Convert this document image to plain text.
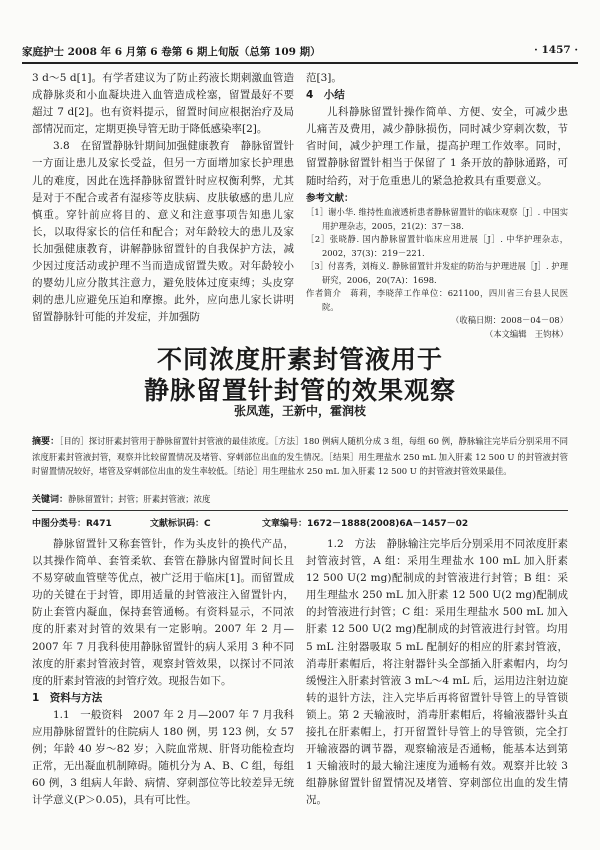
家庭护士 2008 年 6 月第 6 卷第 6 期上旬版（总第 109 期）	· 1457 ·

3 d～5 d[1]。有学者建议为了防止药液长期刺激血管造成静脉炎和小血凝块进入血管造成栓塞，留置最好不要超过 7 d[2]。也有资料提示，留置时间应根据治疗及局部情况而定，定期更换导管无助于降低感染率[2]。

3.8　在留置静脉针期间加强健康教育　静脉留置针一方面让患儿及家长受益，但另一方面增加家长护理患儿的难度，因此在选择静脉留置针时应权衡利弊，尤其是对于不配合或者有湿疹等皮肤病、皮肤敏感的患儿应慎重。穿针前应将目的、意义和注意事项告知患儿家长，以取得家长的信任和配合；对年龄较大的患儿及家长加强健康教育，讲解静脉留置针的自我保护方法，减少因过度活动或护理不当而造成留置失败。对年龄较小的婴幼儿应分散其注意力，避免肢体过度束缚；头皮穿刺的患儿应避免压迫和摩擦。此外，应向患儿家长讲明留置静脉针可能的并发症，并加强防

范[3]。

4　小结

儿科静脉留置针操作简单、方便、安全，可减少患儿痛苦及费用，减少静脉损伤，同时减少穿刺次数，节省时间，减少护理工作量，提高护理工作效率。同时，留置静脉留置针相当于保留了 1 条开放的静脉通路，可随时给药，对于危重患儿的紧急抢救具有重要意义。

参考文献：
［1］谢小华. 维持性血液透析患者静脉留置针的临床观察［J］. 中国实用护理杂志，2005，21(2)：37－38.
［2］张晓静. 国内静脉留置针临床应用进展［J］. 中华护理杂志，2002，37(3)：219－221.
［3］付喜秀，刘梅义. 静脉留置针并发症的防治与护理进展［J］. 护理研究，2006，20(7A)：1698.
作者简介　蒋莉，李晓萍工作单位：621100，四川省三台县人民医院。
（收稿日期：2008－04－08）
（本文编辑　王钧林）
不同浓度肝素封管液用于
静脉留置针封管的效果观察
张凤莲，王新中，霍润枝
摘要：［目的］探讨肝素封管用于静脉留置针封管液的最佳浓度。［方法］180 例病人随机分成 3 组，每组 60 例，静脉输注完毕后分别采用不同浓度肝素封管液封管，观察并比较留置情况及堵管、穿刺部位出血的发生情况。［结果］用生理盐水 250 mL 加入肝素 12 500 U 的封管液封管时留置情况较好，堵管及穿刺部位出血的发生率较低。［结论］用生理盐水 250 mL 加入肝素 12 500 U 的封管液封管效果最佳。
关键词：静脉留置针；封管；肝素封管液；浓度
中图分类号：R471	文献标识码：C	文章编号：1672－1888(2008)6A－1457－02

静脉留置针又称套管针，作为头皮针的换代产品，以其操作简单、套管柔软、套管在静脉内留置时间长且不易穿破血管壁等优点，被广泛用于临床[1]。而留置成功的关键在于封管，即用适量的封管液注入留置针内，防止套管内凝血，保持套管通畅。有资料显示，不同浓度的肝素对封管的效果有一定影响。2007 年 2 月—2007 年 7 月我科使用静脉留置针的病人采用 3 种不同浓度的肝素封管液封管，观察封管效果，以探讨不同浓度的肝素封管液的封管疗效。现报告如下。

1　资料与方法

1.1　一般资料　2007 年 2 月—2007 年 7 月我科应用静脉留置针的住院病人 180 例，男 123 例，女 57 例；年龄 40 岁～82 岁；入院血常规、肝肾功能检查均正常，无出凝血机制障碍。随机分为 A、B、C 组，每组 60 例，3 组病人年龄、病情、穿刺部位等比较差异无统计学意义(P＞0.05)，具有可比性。

1.2　方法　静脉输注完毕后分别采用不同浓度肝素封管液封管，A 组：采用生理盐水 100 mL 加入肝素 12 500 U(2 mg)配制成的封管液进行封管；B 组：采用生理盐水 250 mL 加入肝素 12 500 U(2 mg)配制成的封管液进行封管；C 组：采用生理盐水 500 mL 加入肝素 12 500 U(2 mg)配制成的封管液进行封管。均用 5 mL 注射器吸取 5 mL 配制好的相应的肝素封管液，消毒肝素帽后，将注射器针头全部插入肝素帽内，均匀缓慢注入肝素封管液 3 mL～4 mL 后，运用边注射边旋转的退针方法，注入完毕后再将留置针导管上的导管锁锁上。第 2 天输液时，消毒肝素帽后，将输液器针头直接扎在肝素帽上，打开留置针导管上的导管锁，完全打开输液器的调节器，观察输液是否通畅，能基本达到第 1 天输液时的最大输注速度为通畅有效。观察并比较 3 组静脉留置针留置情况及堵管、穿刺部位出血的发生情况。
